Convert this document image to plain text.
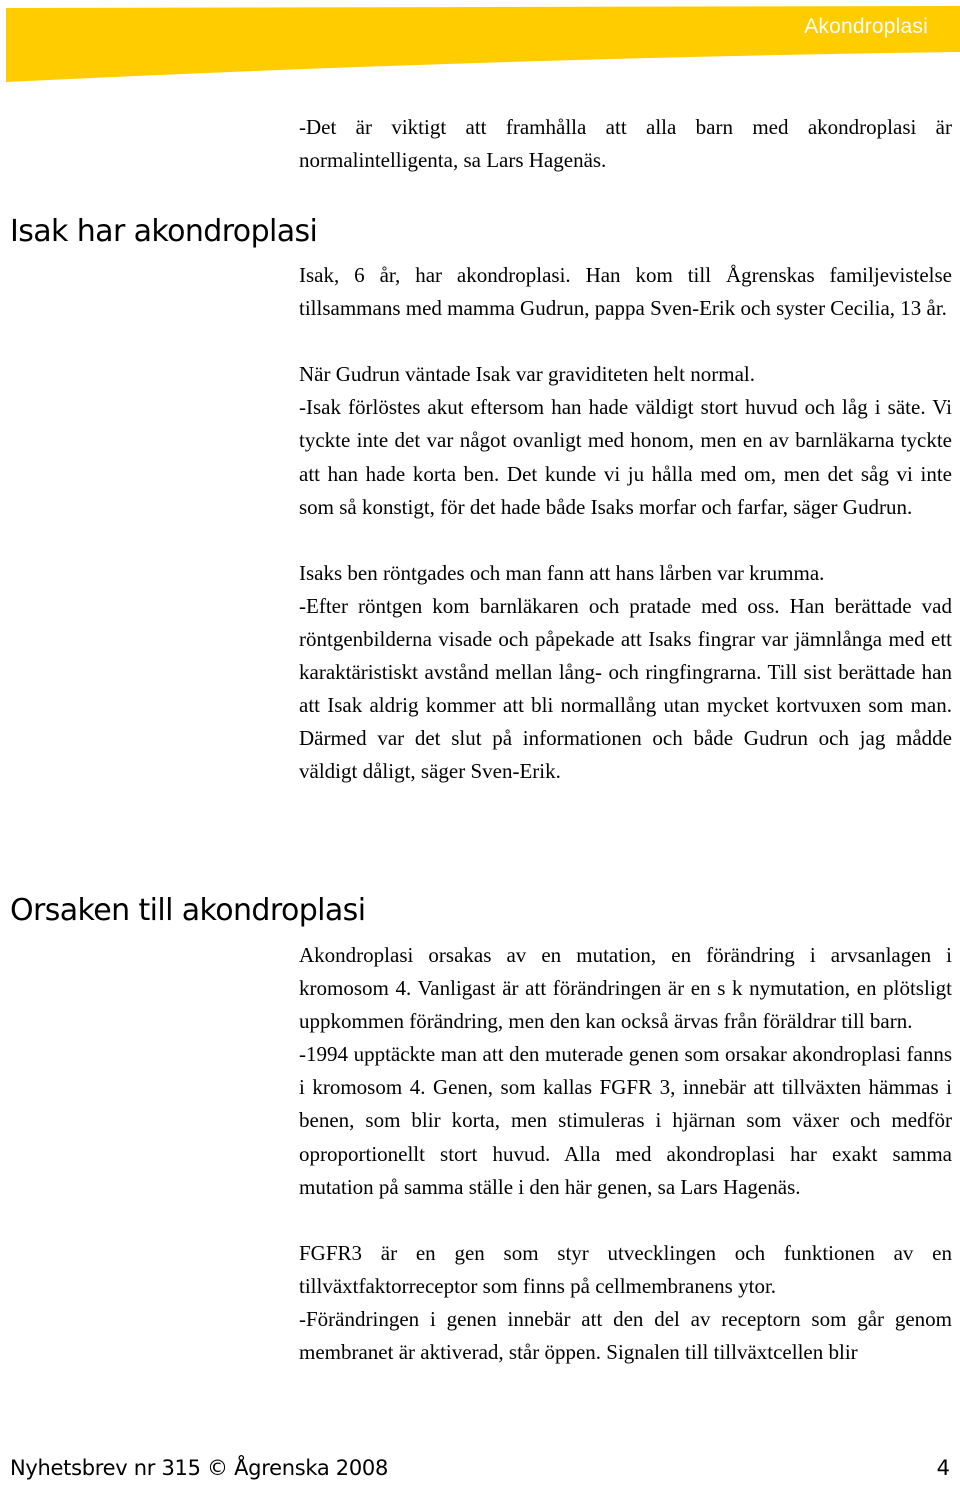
Akondroplasi

-Det är viktigt att framhålla att alla barn med akondroplasi är normalintelligenta, sa Lars Hagenäs.

Isak har akondroplasi

Isak, 6 år, har akondroplasi. Han kom till Ågrenskas familjevistelse tillsammans med mamma Gudrun, pappa Sven-Erik och syster Cecilia, 13 år.

När Gudrun väntade Isak var graviditeten helt normal.

-Isak förlöstes akut eftersom han hade väldigt stort huvud och låg i säte. Vi tyckte inte det var något ovanligt med honom, men en av barnläkarna tyckte att han hade korta ben. Det kunde vi ju hålla med om, men det såg vi inte som så konstigt, för det hade både Isaks morfar och farfar, säger Gudrun.

Isaks ben röntgades och man fann att hans lårben var krumma.

-Efter röntgen kom barnläkaren och pratade med oss. Han berättade vad röntgenbilderna visade och påpekade att Isaks fingrar var jämnlånga med ett karaktäristiskt avstånd mellan lång- och ringfingrarna. Till sist berättade han att Isak aldrig kommer att bli normallång utan mycket kortvuxen som man. Därmed var det slut på informationen och både Gudrun och jag mådde väldigt dåligt, säger Sven-Erik.

Orsaken till akondroplasi

Akondroplasi orsakas av en mutation, en förändring i arvsanlagen i kromosom 4. Vanligast är att förändringen är en s k nymutation, en plötsligt uppkommen förändring, men den kan också ärvas från föräldrar till barn.

-1994 upptäckte man att den muterade genen som orsakar akondroplasi fanns i kromosom 4. Genen, som kallas FGFR 3, innebär att tillväxten hämmas i benen, som blir korta, men stimuleras i hjärnan som växer och medför oproportionellt stort huvud. Alla med akondroplasi har exakt samma mutation på samma ställe i den här genen, sa Lars Hagenäs.

FGFR3 är en gen som styr utvecklingen och funktionen av en tillväxtfaktorreceptor som finns på cellmembranens ytor.

-Förändringen i genen innebär att den del av receptorn som går genom membranet är aktiverad, står öppen. Signalen till tillväxtcellen blir

Nyhetsbrev nr 315 © Ågrenska 2008	4
